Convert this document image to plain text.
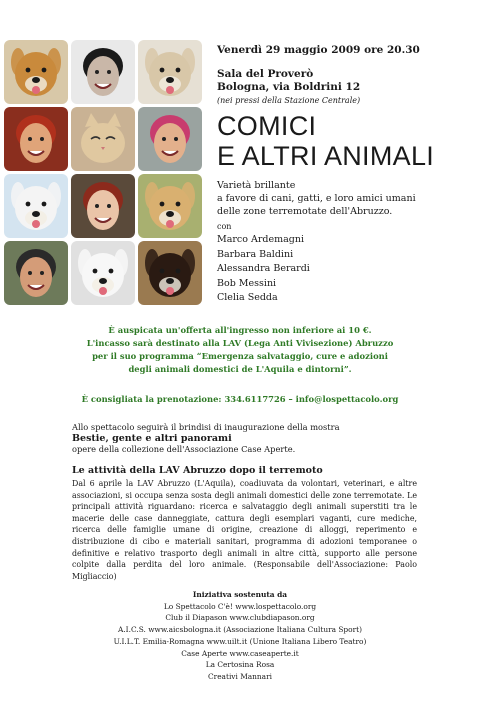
Venerdì 29 maggio 2009 ore 20.30

Sala del Proverò

Bologna, via Boldrini 12

(nei pressi della Stazione Centrale)

COMICI
E ALTRI ANIMALI

Varietà brillante
a favore di cani, gatti, e loro amici umani
delle zone terremotate dell'Abruzzo.

con

Marco Ardemagni
Barbara Baldini
Alessandra Berardi
Bob Messini
Clelia Sedda
È auspicata un'offerta all'ingresso non inferiore ai 10 €.
L'incasso sarà destinato alla LAV (Lega Anti Vivisezione) Abruzzo
per il suo programma “Emergenza salvataggio, cure e adozioni
degli animali domestici de L'Aquila e dintorni”.
È consigliata la prenotazione: 334.6117726 – info@lospettacolo.org
Allo spettacolo seguirà il brindisi di inaugurazione della mostra
Bestie, gente e altri panorami
opere della collezione dell'Associazione Case Aperte.
Le attività della LAV Abruzzo dopo il terremoto

Dal 6 aprile la LAV Abruzzo (L'Aquila), coadiuvata da volontari, veterinari, e altre associazioni, si occupa senza sosta degli animali domestici delle zone terremotate. Le principali attività riguardano: ricerca e salvataggio degli animali superstiti tra le macerie delle case danneggiate, cattura degli esemplari vaganti, cure mediche, ricerca delle famiglie umane di origine, creazione di alloggi, reperimento e distribuzione di cibo e materiali sanitari, programma di adozioni temporanee o definitive e relativo trasporto degli animali in altre città, supporto alle persone colpite dalla perdita del loro animale. (Responsabile dell'Associazione: Paolo Migliaccio)

Iniziativa sostenuta da
Lo Spettacolo C'è! www.lospettacolo.org
Club il Diapason www.clubdiapason.org
A.I.C.S. www.aicsbologna.it (Associazione Italiana Cultura Sport)
U.I.L.T. Emilia-Romagna www.uilt.it (Unione Italiana Libero Teatro)
Case Aperte www.caseaperte.it
La Certosina Rosa
Creativi Mannari
